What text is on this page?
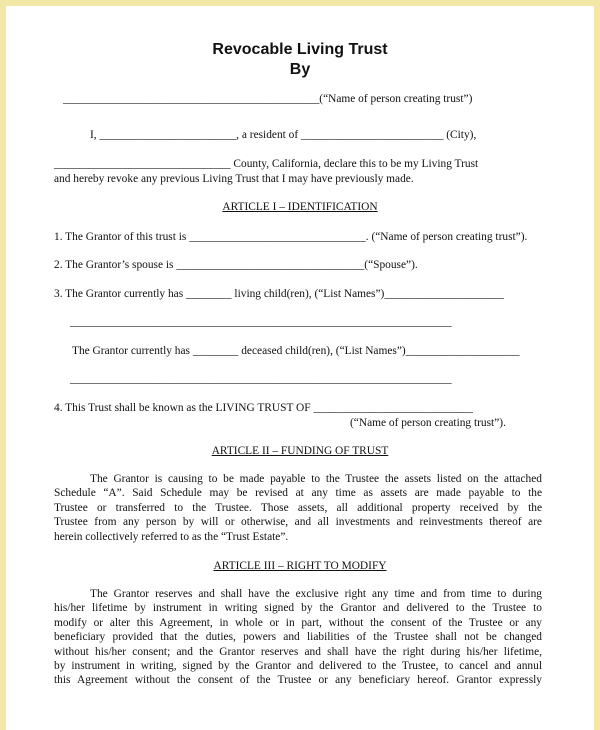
Revocable Living Trust
By
_____________________________________________(“Name of person creating trust”)
I, ________________________, a resident of _________________________ (City),
_______________________________ County, California, declare this to be my Living Trust
and hereby revoke any previous Living Trust that I may have previously made.
ARTICLE I – IDENTIFICATION
1. The Grantor of this trust is _______________________________. (“Name of person creating trust”).
2. The Grantor’s spouse is _________________________________(“Spouse”).
3. The Grantor currently has ________ living child(ren), (“List Names”)_____________________
___________________________________________________________________
The Grantor currently has ________ deceased child(ren), (“List Names”)____________________
___________________________________________________________________
4. This Trust shall be known as the LIVING TRUST OF ____________________________
(“Name of person creating trust”).
ARTICLE II – FUNDING OF TRUST
The Grantor is causing to be made payable to the Trustee the assets listed on the attached
Schedule “A”. Said Schedule may be revised at any time as assets are made payable to the
Trustee or transferred to the Trustee. Those assets, all additional property received by the
Trustee from any person by will or otherwise, and all investments and reinvestments thereof are
herein collectively referred to as the “Trust Estate”.
ARTICLE III – RIGHT TO MODIFY
The Grantor reserves and shall have the exclusive right any time and from time to during
his/her lifetime by instrument in writing signed by the Grantor and delivered to the Trustee to
modify or alter this Agreement, in whole or in part, without the consent of the Trustee or any
beneficiary provided that the duties, powers and liabilities of the Trustee shall not be changed
without his/her consent; and the Grantor reserves and shall have the right during his/her lifetime,
by instrument in writing, signed by the Grantor and delivered to the Trustee, to cancel and annul
this Agreement without the consent of the Trustee or any beneficiary hereof. Grantor expressly
